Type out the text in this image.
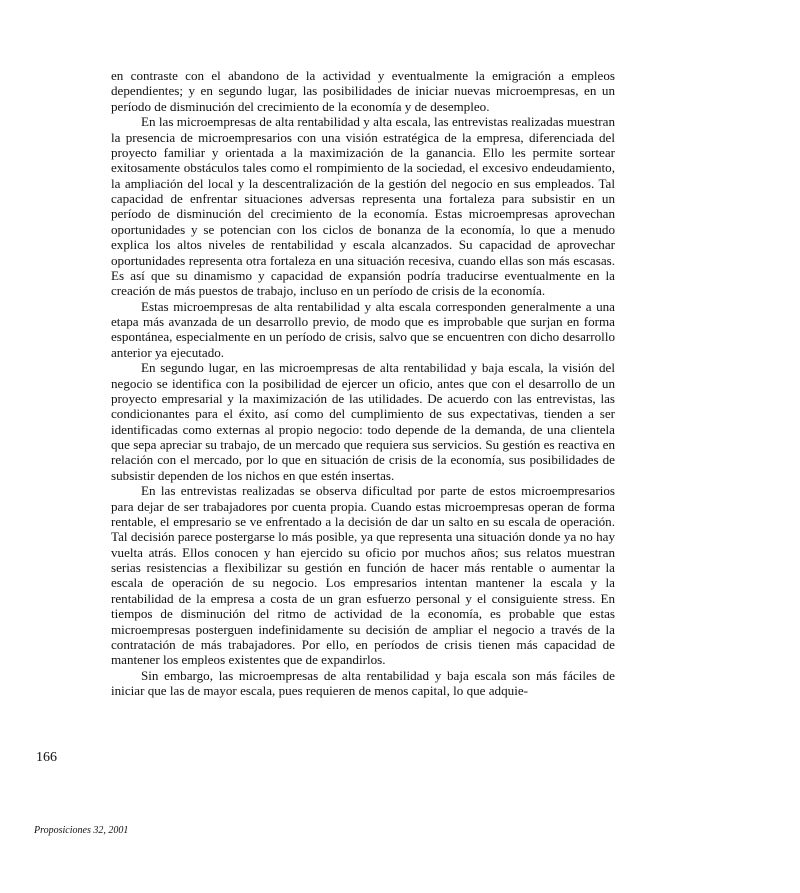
en contraste con el abandono de la actividad y eventualmente la emigración a empleos dependientes; y en segundo lugar, las posibilidades de iniciar nuevas microempresas, en un período de disminución del crecimiento de la economía y de desempleo.

En las microempresas de alta rentabilidad y alta escala, las entrevistas realizadas muestran la presencia de microempresarios con una visión estratégica de la empresa, diferenciada del proyecto familiar y orientada a la maximización de la ganancia. Ello les permite sortear exitosamente obstáculos tales como el rompimiento de la sociedad, el excesivo endeudamiento, la ampliación del local y la descentralización de la gestión del negocio en sus empleados. Tal capacidad de enfrentar situaciones adversas representa una fortaleza para subsistir en un período de disminución del crecimiento de la economía. Estas microempresas aprovechan oportunidades y se potencian con los ciclos de bonanza de la economía, lo que a menudo explica los altos niveles de rentabilidad y escala alcanzados. Su capacidad de aprovechar oportunidades representa otra fortaleza en una situación recesiva, cuando ellas son más escasas. Es así que su dinamismo y capacidad de expansión podría traducirse eventualmente en la creación de más puestos de trabajo, incluso en un período de crisis de la economía.

Estas microempresas de alta rentabilidad y alta escala corresponden generalmente a una etapa más avanzada de un desarrollo previo, de modo que es improbable que surjan en forma espontánea, especialmente en un período de crisis, salvo que se encuentren con dicho desarrollo anterior ya ejecutado.

En segundo lugar, en las microempresas de alta rentabilidad y baja escala, la visión del negocio se identifica con la posibilidad de ejercer un oficio, antes que con el desarrollo de un proyecto empresarial y la maximización de las utilidades. De acuerdo con las entrevistas, las condicionantes para el éxito, así como del cumplimiento de sus expectativas, tienden a ser identificadas como externas al propio negocio: todo depende de la demanda, de una clientela que sepa apreciar su trabajo, de un mercado que requiera sus servicios. Su gestión es reactiva en relación con el mercado, por lo que en situación de crisis de la economía, sus posibilidades de subsistir dependen de los nichos en que estén insertas.

En las entrevistas realizadas se observa dificultad por parte de estos microempresarios para dejar de ser trabajadores por cuenta propia. Cuando estas microempresas operan de forma rentable, el empresario se ve enfrentado a la decisión de dar un salto en su escala de operación. Tal decisión parece postergarse lo más posible, ya que representa una situación donde ya no hay vuelta atrás. Ellos conocen y han ejercido su oficio por muchos años; sus relatos muestran serias resistencias a flexibilizar su gestión en función de hacer más rentable o aumentar la escala de operación de su negocio. Los empresarios intentan mantener la escala y la rentabilidad de la empresa a costa de un gran esfuerzo personal y el consiguiente stress. En tiempos de disminución del ritmo de actividad de la economía, es probable que estas microempresas posterguen indefinidamente su decisión de ampliar el negocio a través de la contratación de más trabajadores. Por ello, en períodos de crisis tienen más capacidad de mantener los empleos existentes que de expandirlos.

Sin embargo, las microempresas de alta rentabilidad y baja escala son más fáciles de iniciar que las de mayor escala, pues requieren de menos capital, lo que adquie-

166
Proposiciones 32, 2001
